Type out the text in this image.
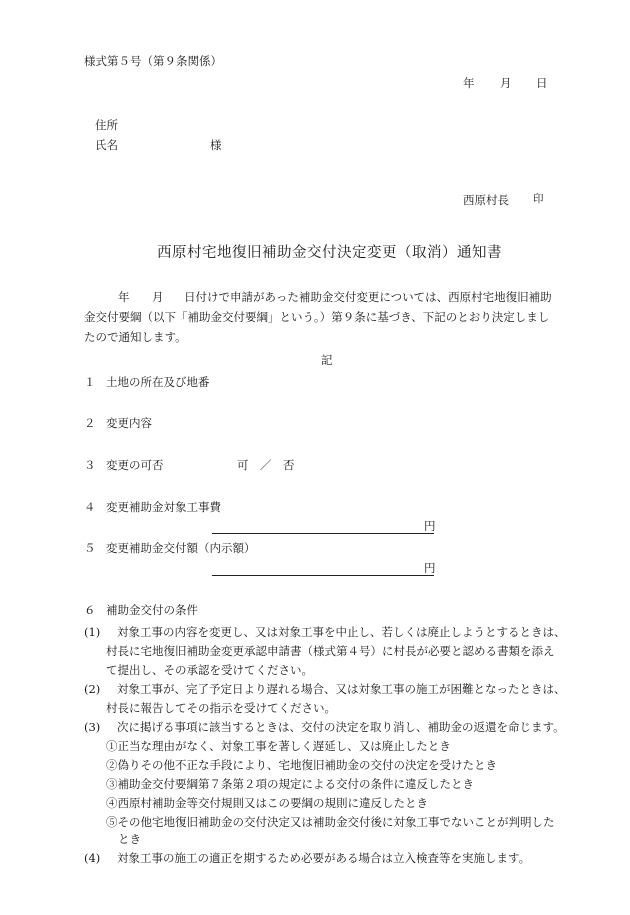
様式第５号（第９条関係）
年 月 日
住所
氏名	様
西原村長 印
西原村宅地復旧補助金交付決定変更（取消）通知書
年 月 日付けで申請があった補助金交付変更については、西原村宅地復旧補助
金交付要綱（以下「補助金交付要綱」という。）第９条に基づき、下記のとおり決定しまし
たので通知します。
記
１ 土地の所在及び地番
２ 変更内容
３ 変更の可否	可　／　否
４ 変更補助金対象工事費
円
５ 変更補助金交付額（内示額）
円
６ 補助金交付の条件
(1) 対象工事の内容を変更し、又は対象工事を中止し、若しくは廃止しようとするときは、
村長に宅地復旧補助金変更承認申請書（様式第４号）に村長が必要と認める書類を添え
て提出し、その承認を受けてください。
(2) 対象工事が、完了予定日より遅れる場合、又は対象工事の施工が困難となったときは、
村長に報告してその指示を受けてください。
(3) 次に掲げる事項に該当するときは、交付の決定を取り消し、補助金の返還を命じます。
①正当な理由がなく、対象工事を著しく遅延し、又は廃止したとき
②偽りその他不正な手段により、宅地復旧補助金の交付の決定を受けたとき
③補助金交付要綱第７条第２項の規定による交付の条件に違反したとき
④西原村補助金等交付規則又はこの要綱の規則に違反したとき
⑤その他宅地復旧補助金の交付決定又は補助金交付後に対象工事でないことが判明した
とき
(4) 対象工事の施工の適正を期するため必要がある場合は立入検査等を実施します。
